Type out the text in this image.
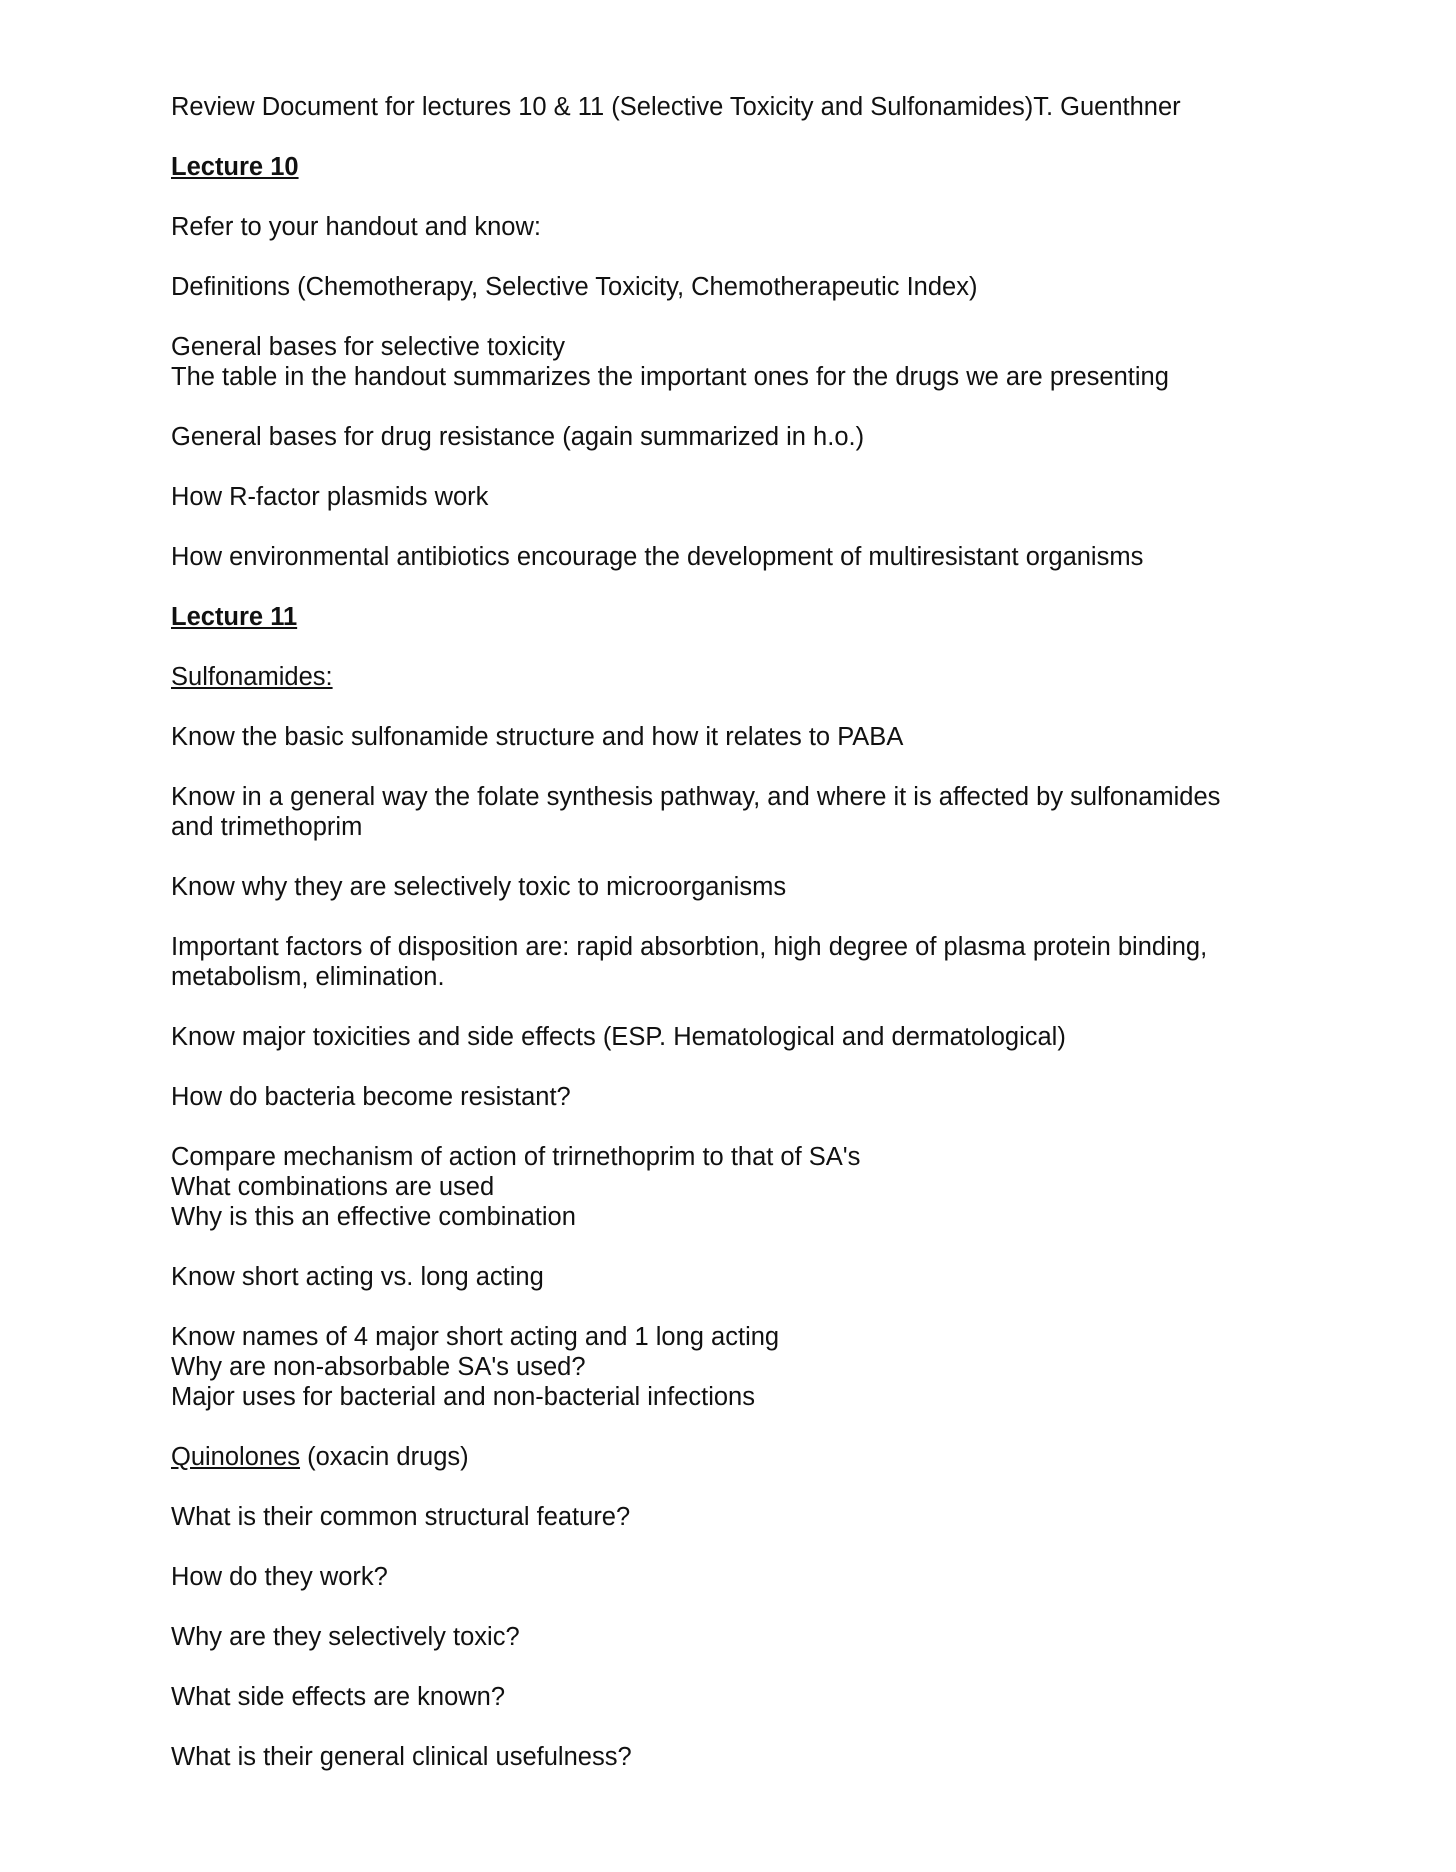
Review Document for lectures 10 & 11 (Selective Toxicity and Sulfonamides)T. Guenthner
Lecture 10
Refer to your handout and know:
Definitions (Chemotherapy, Selective Toxicity, Chemotherapeutic Index)
General bases for selective toxicity
The table in the handout summarizes the important ones for the drugs we are presenting
General bases for drug resistance (again summarized in h.o.)
How R-factor plasmids work
How environmental antibiotics encourage the development of multiresistant organisms
Lecture 11
Sulfonamides:
Know the basic sulfonamide structure and how it relates to PABA
Know in a general way the folate synthesis pathway, and where it is affected by sulfonamides
and trimethoprim
Know why they are selectively toxic to microorganisms
Important factors of disposition are: rapid absorbtion, high degree of plasma protein binding,
metabolism, elimination.
Know major toxicities and side effects (ESP. Hematological and dermatological)
How do bacteria become resistant?
Compare mechanism of action of trirnethoprim to that of SA's
What combinations are used
Why is this an effective combination
Know short acting vs. long acting
Know names of 4 major short acting and 1 long acting
Why are non-absorbable SA's used?
Major uses for bacterial and non-bacterial infections
Quinolones (oxacin drugs)
What is their common structural feature?
How do they work?
Why are they selectively toxic?
What side effects are known?
What is their general clinical usefulness?
